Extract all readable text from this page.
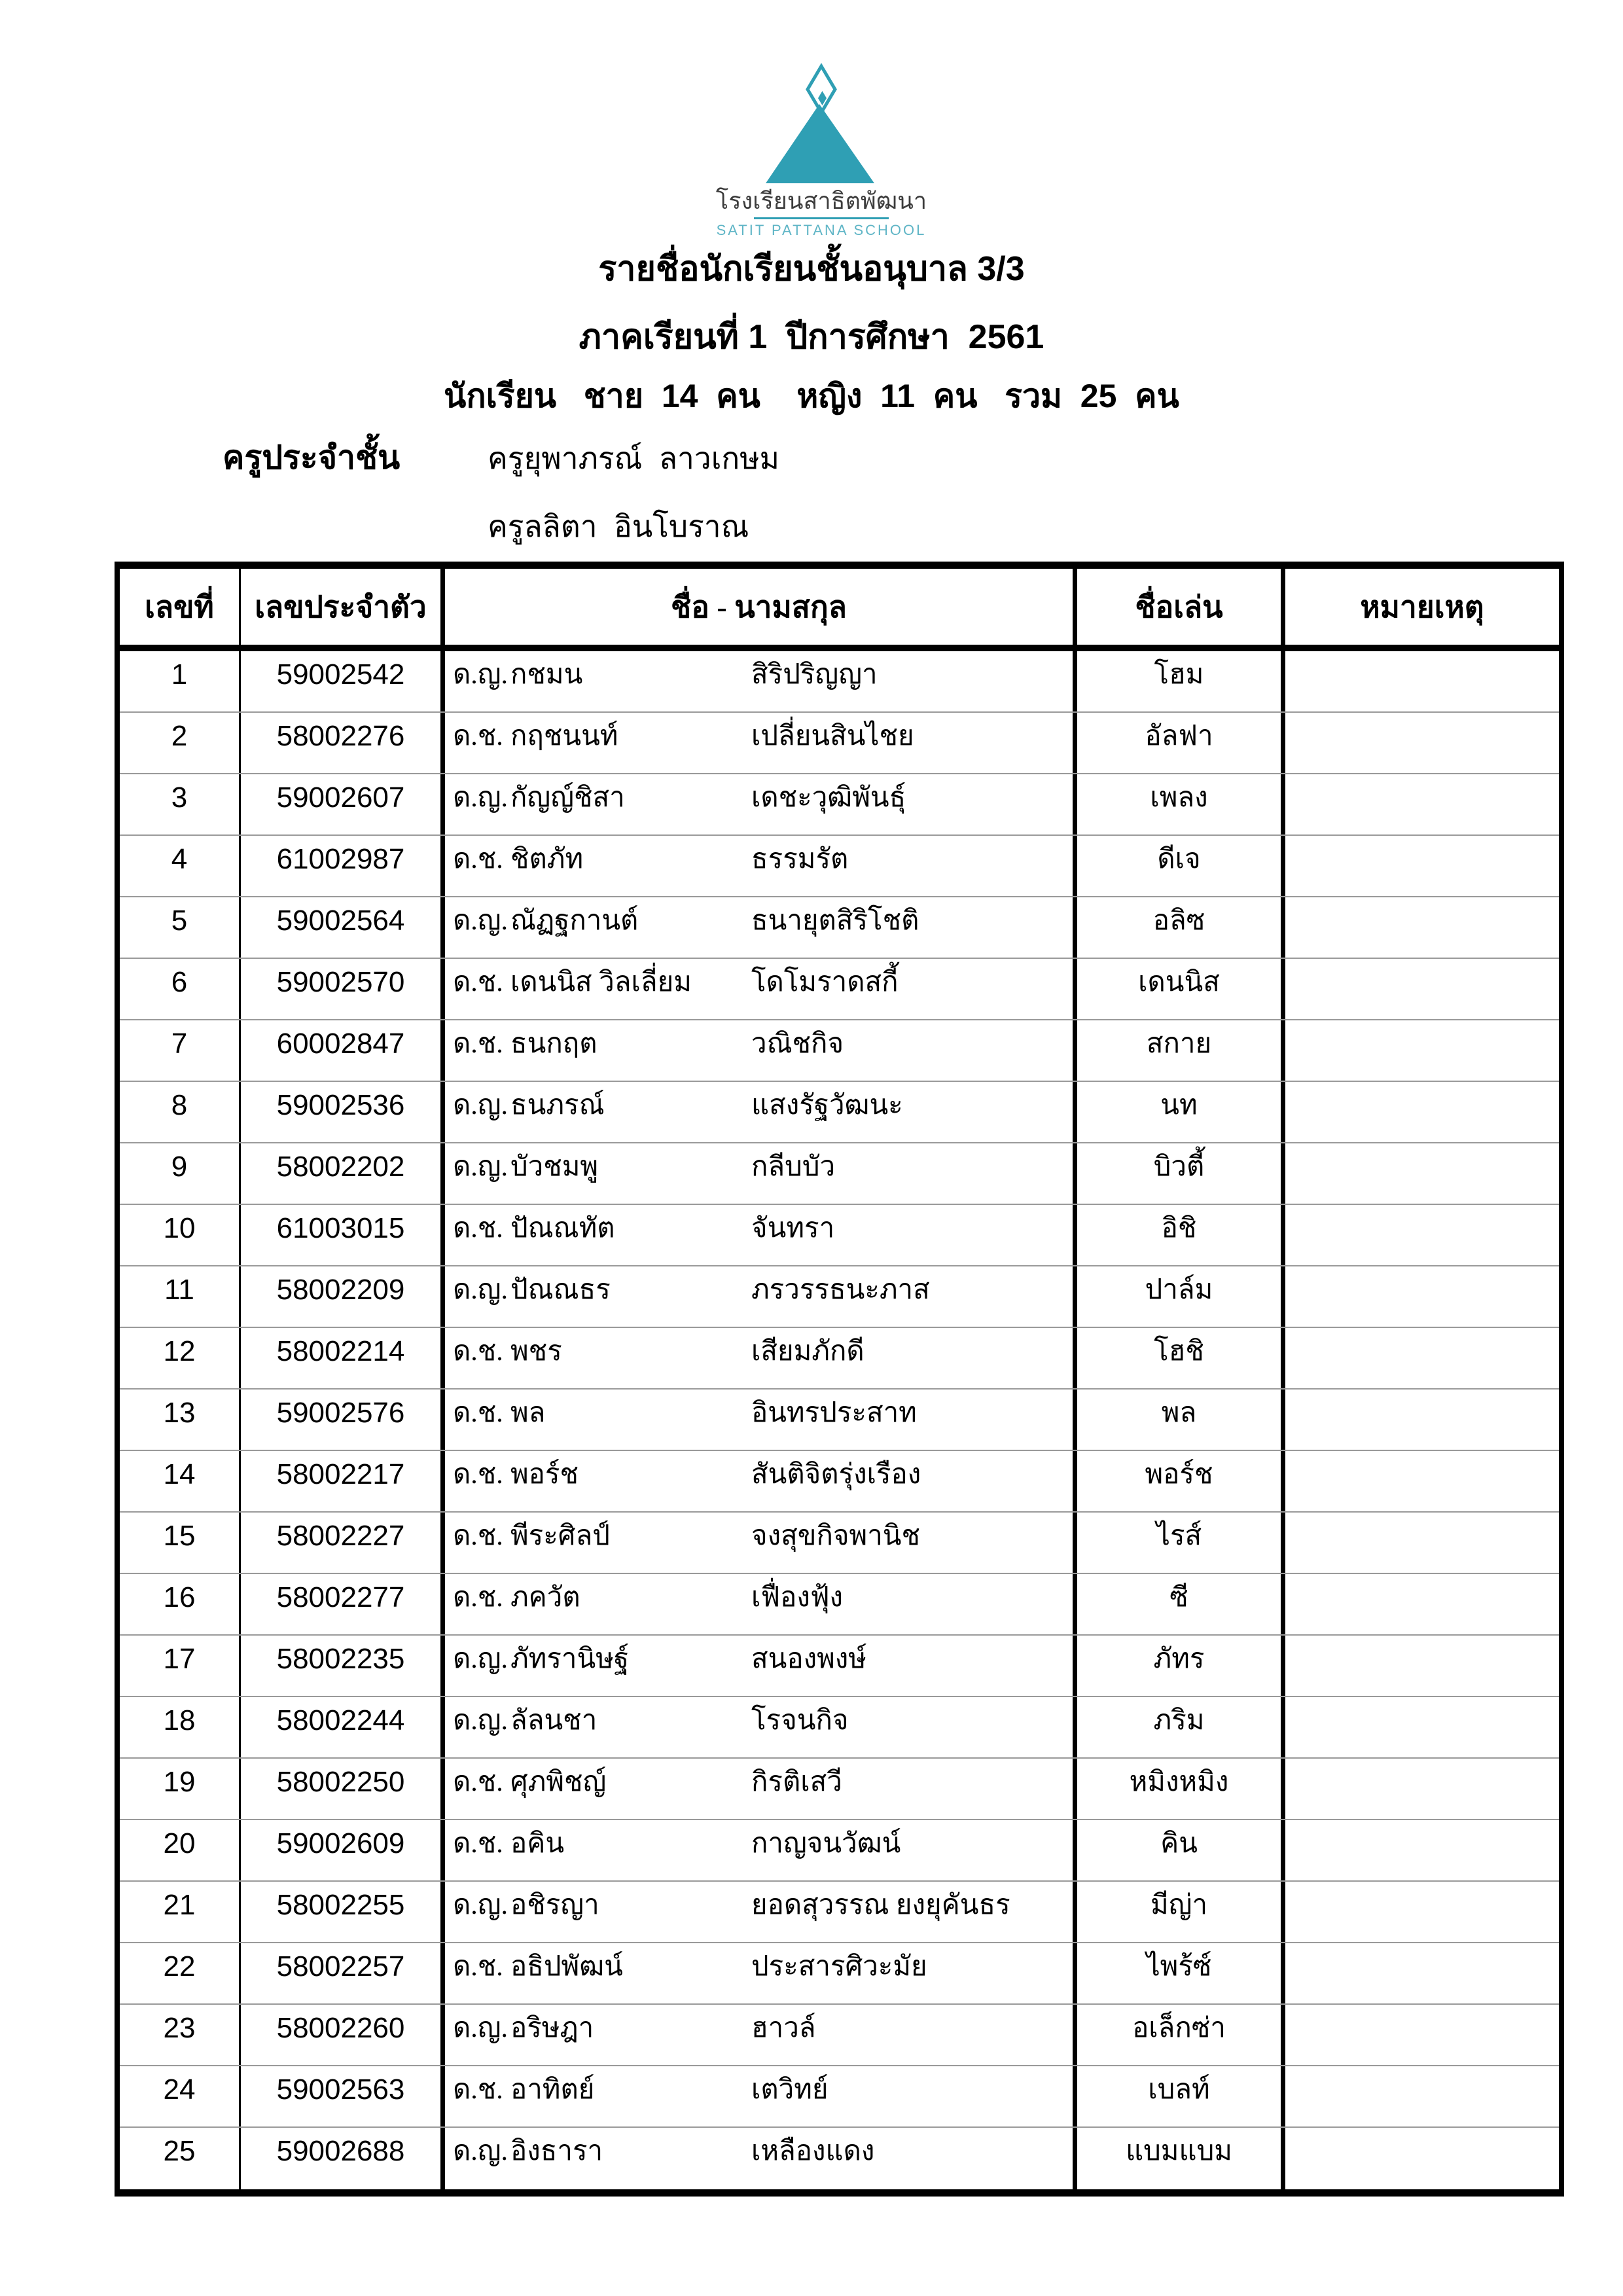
โรงเรียนสาธิตพัฒนา
SATIT PATTANA SCHOOL
รายชื่อนักเรียนชั้นอนุบาล 3/3
ภาคเรียนที่ 1  ปีการศึกษา  2561
นักเรียน   ชาย  14  คน    หญิง  11  คน   รวม  25  คน
ครูประจำชั้น	ครูยุพาภรณ์  ลาวเกษม
ครูลลิตา  อินโบราณ
เลขที่	เลขประจำตัว	ชื่อ - นามสกุล	ชื่อเล่น	หมายเหตุ
1	59002542	ด.ญ. กชมน	สิริปริญญา	โฮม
2	58002276	ด.ช. กฤชนนท์	เปลี่ยนสินไชย	อัลฟา
3	59002607	ด.ญ. กัญญ์ชิสา	เดชะวุฒิพันธุ์	เพลง
4	61002987	ด.ช. ชิตภัท	ธรรมรัต	ดีเจ
5	59002564	ด.ญ. ณัฏฐกานต์	ธนายุตสิริโชติ	อลิซ
6	59002570	ด.ช. เดนนิส วิลเลี่ยม	โดโมราดสกี้	เดนนิส
7	60002847	ด.ช. ธนกฤต	วณิชกิจ	สกาย
8	59002536	ด.ญ. ธนภรณ์	แสงรัฐวัฒนะ	นท
9	58002202	ด.ญ. บัวชมพู	กลีบบัว	บิวตี้
10	61003015	ด.ช. ปัณณทัต	จันทรา	อิชิ
11	58002209	ด.ญ. ปัณณธร	ภรวรรธนะภาส	ปาล์ม
12	58002214	ด.ช. พชร	เสียมภักดี	โฮชิ
13	59002576	ด.ช. พล	อินทรประสาท	พล
14	58002217	ด.ช. พอร์ช	สันติจิตรุ่งเรือง	พอร์ช
15	58002227	ด.ช. พีระศิลป์	จงสุขกิจพานิช	ไรส์
16	58002277	ด.ช. ภควัต	เฟื่องฟุ้ง	ซี
17	58002235	ด.ญ. ภัทรานิษฐ์	สนองพงษ์	ภัทร
18	58002244	ด.ญ. ลัลนชา	โรจนกิจ	ภริม
19	58002250	ด.ช. ศุภพิชญ์	กิรติเสวี	หมิงหมิง
20	59002609	ด.ช. อคิน	กาญจนวัฒน์	คิน
21	58002255	ด.ญ. อชิรญา	ยอดสุวรรณ ยงยุคันธร	มีญ่า
22	58002257	ด.ช. อธิปพัฒน์	ประสารศิวะมัย	ไพร้ซ์
23	58002260	ด.ญ. อริษฎา	ฮาวล์	อเล็กซ่า
24	59002563	ด.ช. อาทิตย์	เตวิทย์	เบลท์
25	59002688	ด.ญ. อิงธารา	เหลืองแดง	แบมแบม
